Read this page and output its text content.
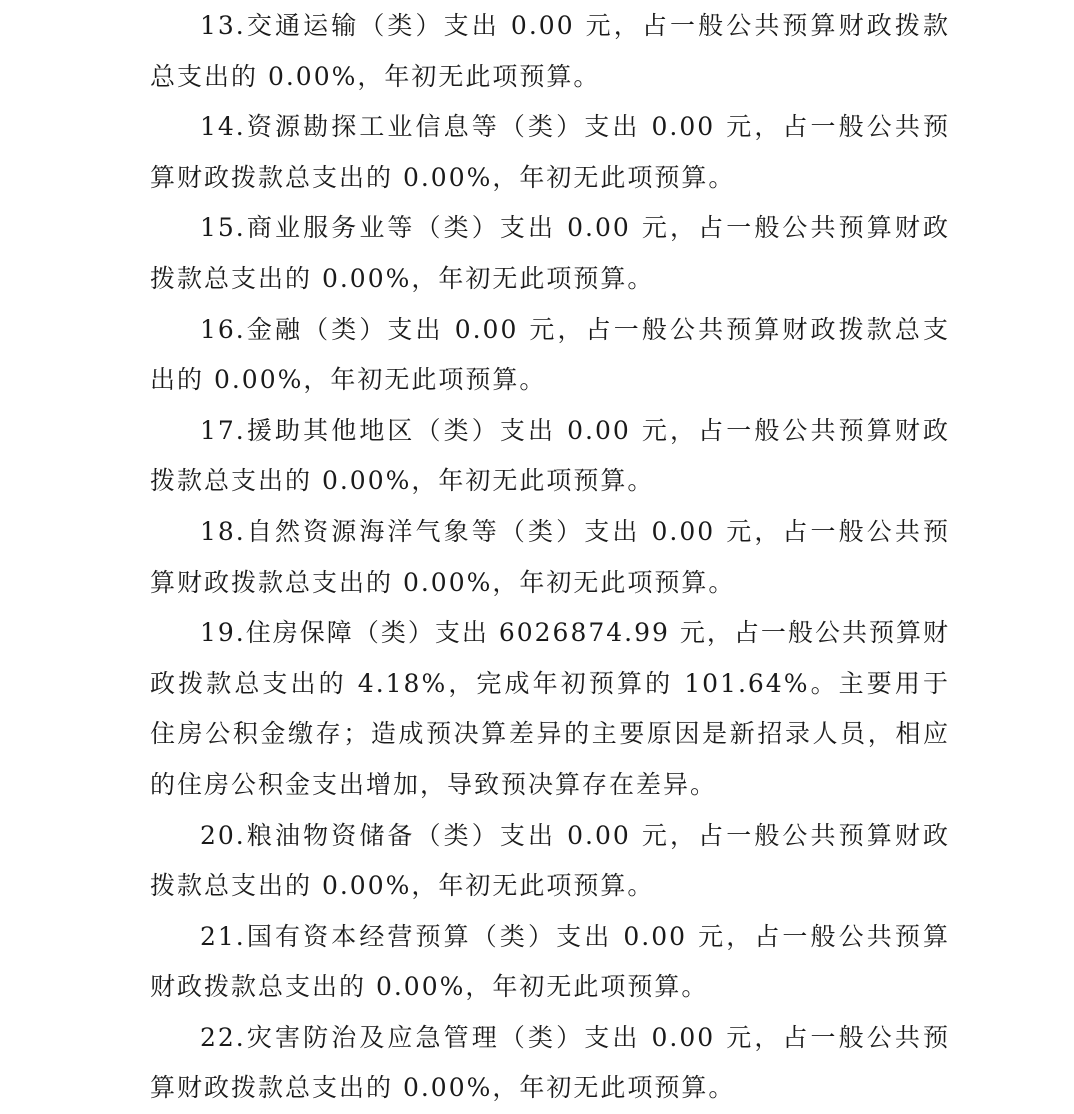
13.交通运输（类）支出 0.00 元，占一般公共预算财政拨款总支出的 0.00%，年初无此项预算。

14.资源勘探工业信息等（类）支出 0.00 元，占一般公共预算财政拨款总支出的 0.00%，年初无此项预算。

15.商业服务业等（类）支出 0.00 元，占一般公共预算财政拨款总支出的 0.00%，年初无此项预算。

16.金融（类）支出 0.00 元，占一般公共预算财政拨款总支出的 0.00%，年初无此项预算。

17.援助其他地区（类）支出 0.00 元，占一般公共预算财政拨款总支出的 0.00%，年初无此项预算。

18.自然资源海洋气象等（类）支出 0.00 元，占一般公共预算财政拨款总支出的 0.00%，年初无此项预算。

19.住房保障（类）支出 6026874.99 元，占一般公共预算财政拨款总支出的 4.18%，完成年初预算的 101.64%。主要用于住房公积金缴存；造成预决算差异的主要原因是新招录人员，相应的住房公积金支出增加，导致预决算存在差异。

20.粮油物资储备（类）支出 0.00 元，占一般公共预算财政拨款总支出的 0.00%，年初无此项预算。

21.国有资本经营预算（类）支出 0.00 元，占一般公共预算财政拨款总支出的 0.00%，年初无此项预算。

22.灾害防治及应急管理（类）支出 0.00 元，占一般公共预算财政拨款总支出的 0.00%，年初无此项预算。
